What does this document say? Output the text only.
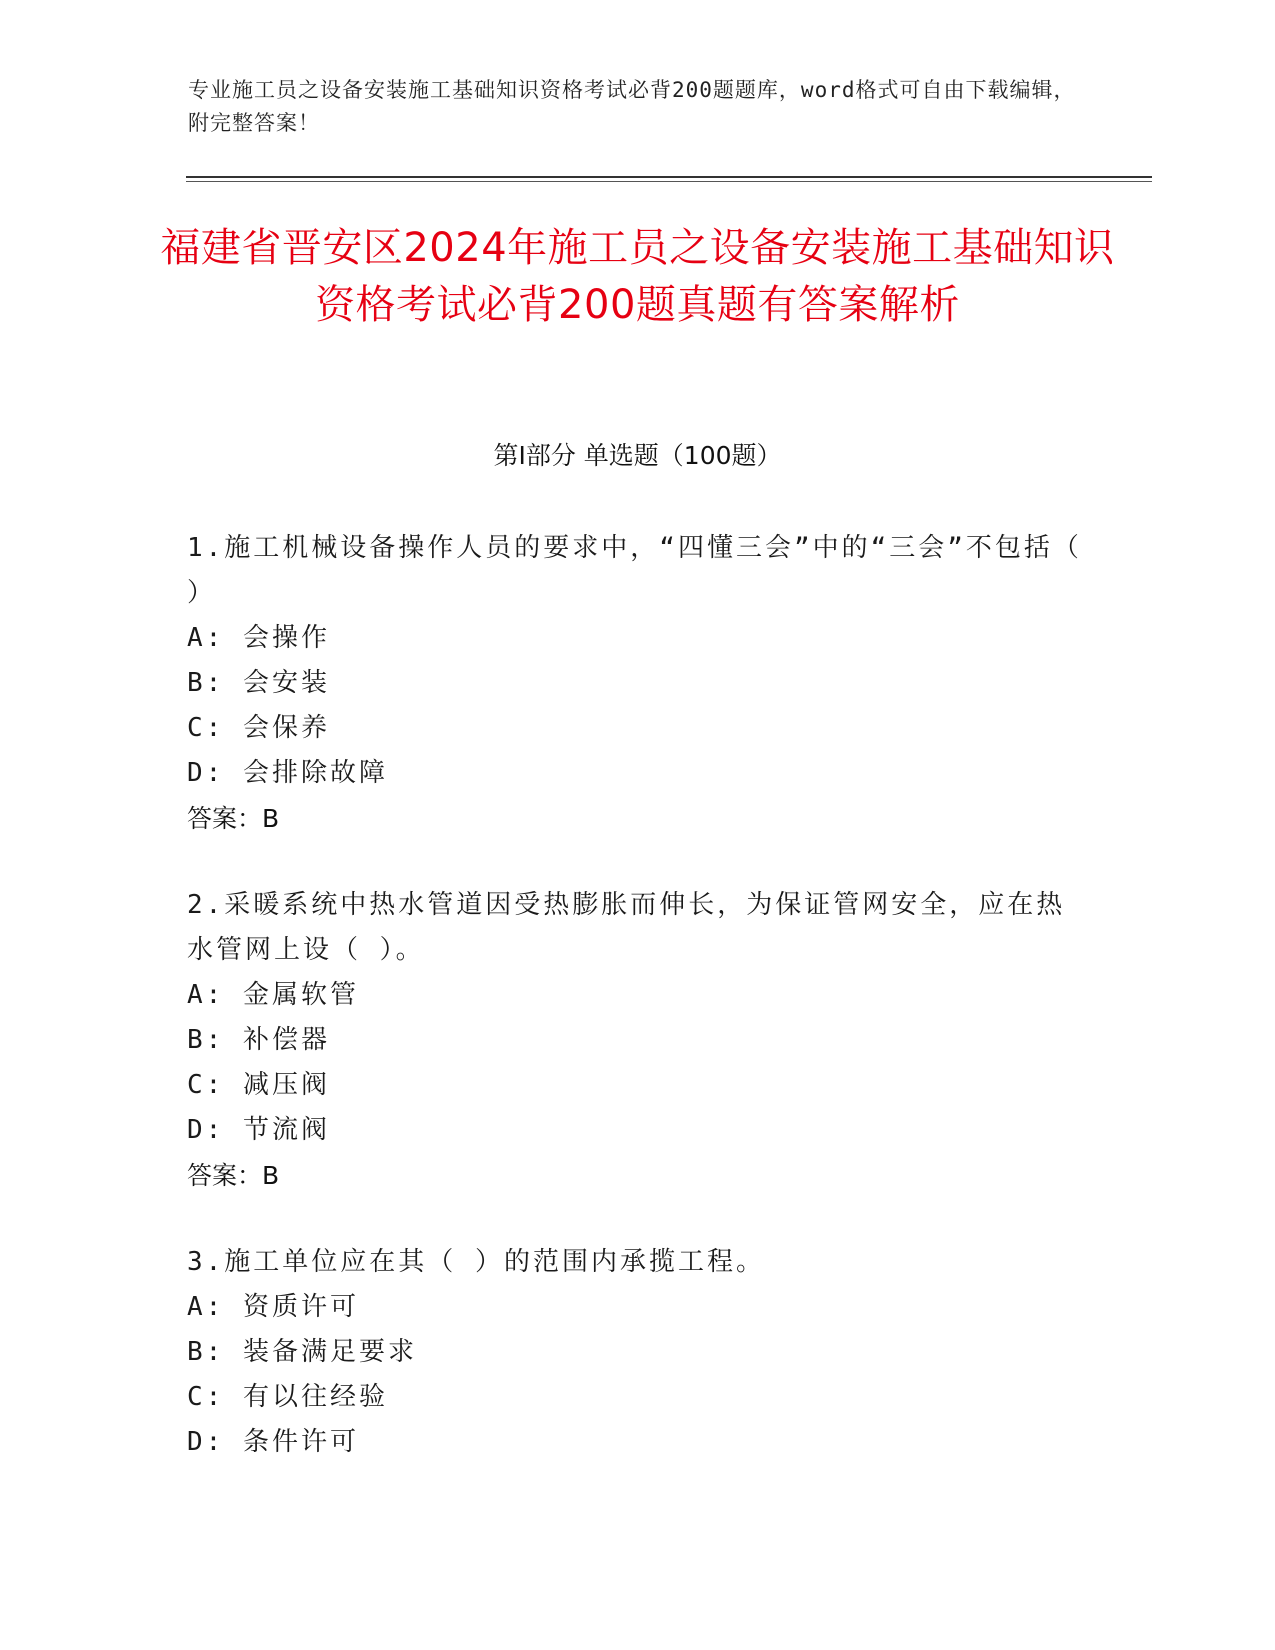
专业施工员之设备安装施工基础知识资格考试必背200题题库，word格式可自由下载编辑，附完整答案！
福建省晋安区2024年施工员之设备安装施工基础知识资格考试必背200题真题有答案解析
第Ⅰ部分 单选题（100题）
1.施工机械设备操作人员的要求中，“四懂三会”中的“三会”不包括（ ）
A: 会操作
B: 会安装
C: 会保养
D: 会排除故障
答案：B
2.采暖系统中热水管道因受热膨胀而伸长，为保证管网安全，应在热水管网上设（ ）。
A: 金属软管
B: 补偿器
C: 减压阀
D: 节流阀
答案：B
3.施工单位应在其（ ）的范围内承揽工程。
A: 资质许可
B: 装备满足要求
C: 有以往经验
D: 条件许可
